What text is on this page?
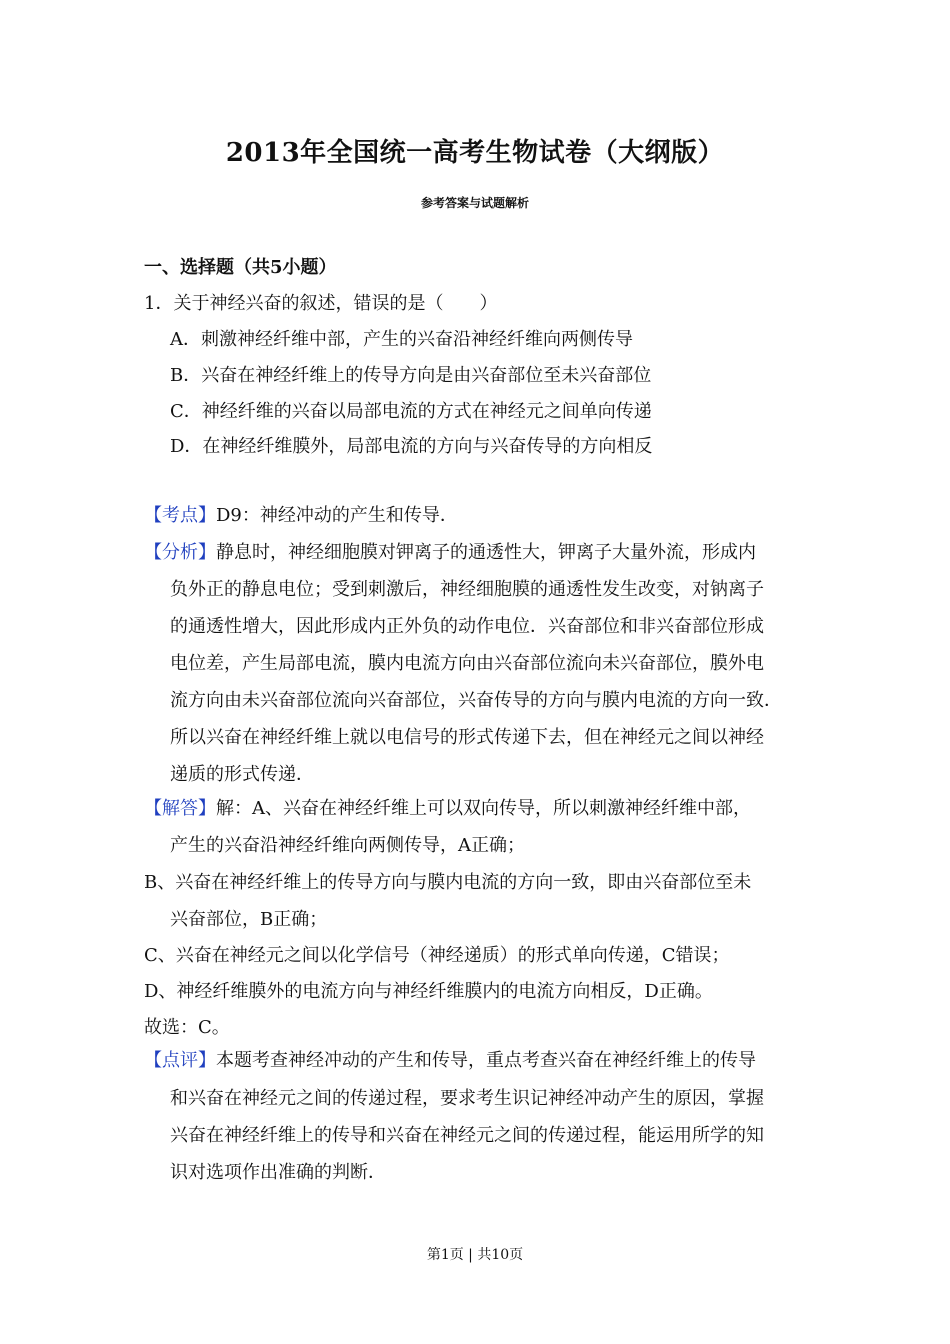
2013年全国统一高考生物试卷（大纲版）
参考答案与试题解析
一、选择题（共5小题）
1．关于神经兴奋的叙述，错误的是（　　）
A．刺激神经纤维中部，产生的兴奋沿神经纤维向两侧传导
B．兴奋在神经纤维上的传导方向是由兴奋部位至未兴奋部位
C．神经纤维的兴奋以局部电流的方式在神经元之间单向传递
D．在神经纤维膜外，局部电流的方向与兴奋传导的方向相反
【考点】D9：神经冲动的产生和传导．
【分析】静息时，神经细胞膜对钾离子的通透性大，钾离子大量外流，形成内
负外正的静息电位；受到刺激后，神经细胞膜的通透性发生改变，对钠离子
的通透性增大，因此形成内正外负的动作电位．兴奋部位和非兴奋部位形成
电位差，产生局部电流，膜内电流方向由兴奋部位流向未兴奋部位，膜外电
流方向由未兴奋部位流向兴奋部位，兴奋传导的方向与膜内电流的方向一致．
所以兴奋在神经纤维上就以电信号的形式传递下去，但在神经元之间以神经
递质的形式传递．
【解答】解：A、兴奋在神经纤维上可以双向传导，所以刺激神经纤维中部，
产生的兴奋沿神经纤维向两侧传导，A正确；
B、兴奋在神经纤维上的传导方向与膜内电流的方向一致，即由兴奋部位至未
兴奋部位，B正确；
C、兴奋在神经元之间以化学信号（神经递质）的形式单向传递，C错误；
D、神经纤维膜外的电流方向与神经纤维膜内的电流方向相反，D正确。
故选：C。
【点评】本题考查神经冲动的产生和传导，重点考查兴奋在神经纤维上的传导
和兴奋在神经元之间的传递过程，要求考生识记神经冲动产生的原因，掌握
兴奋在神经纤维上的传导和兴奋在神经元之间的传递过程，能运用所学的知
识对选项作出准确的判断．
第1页 | 共10页
